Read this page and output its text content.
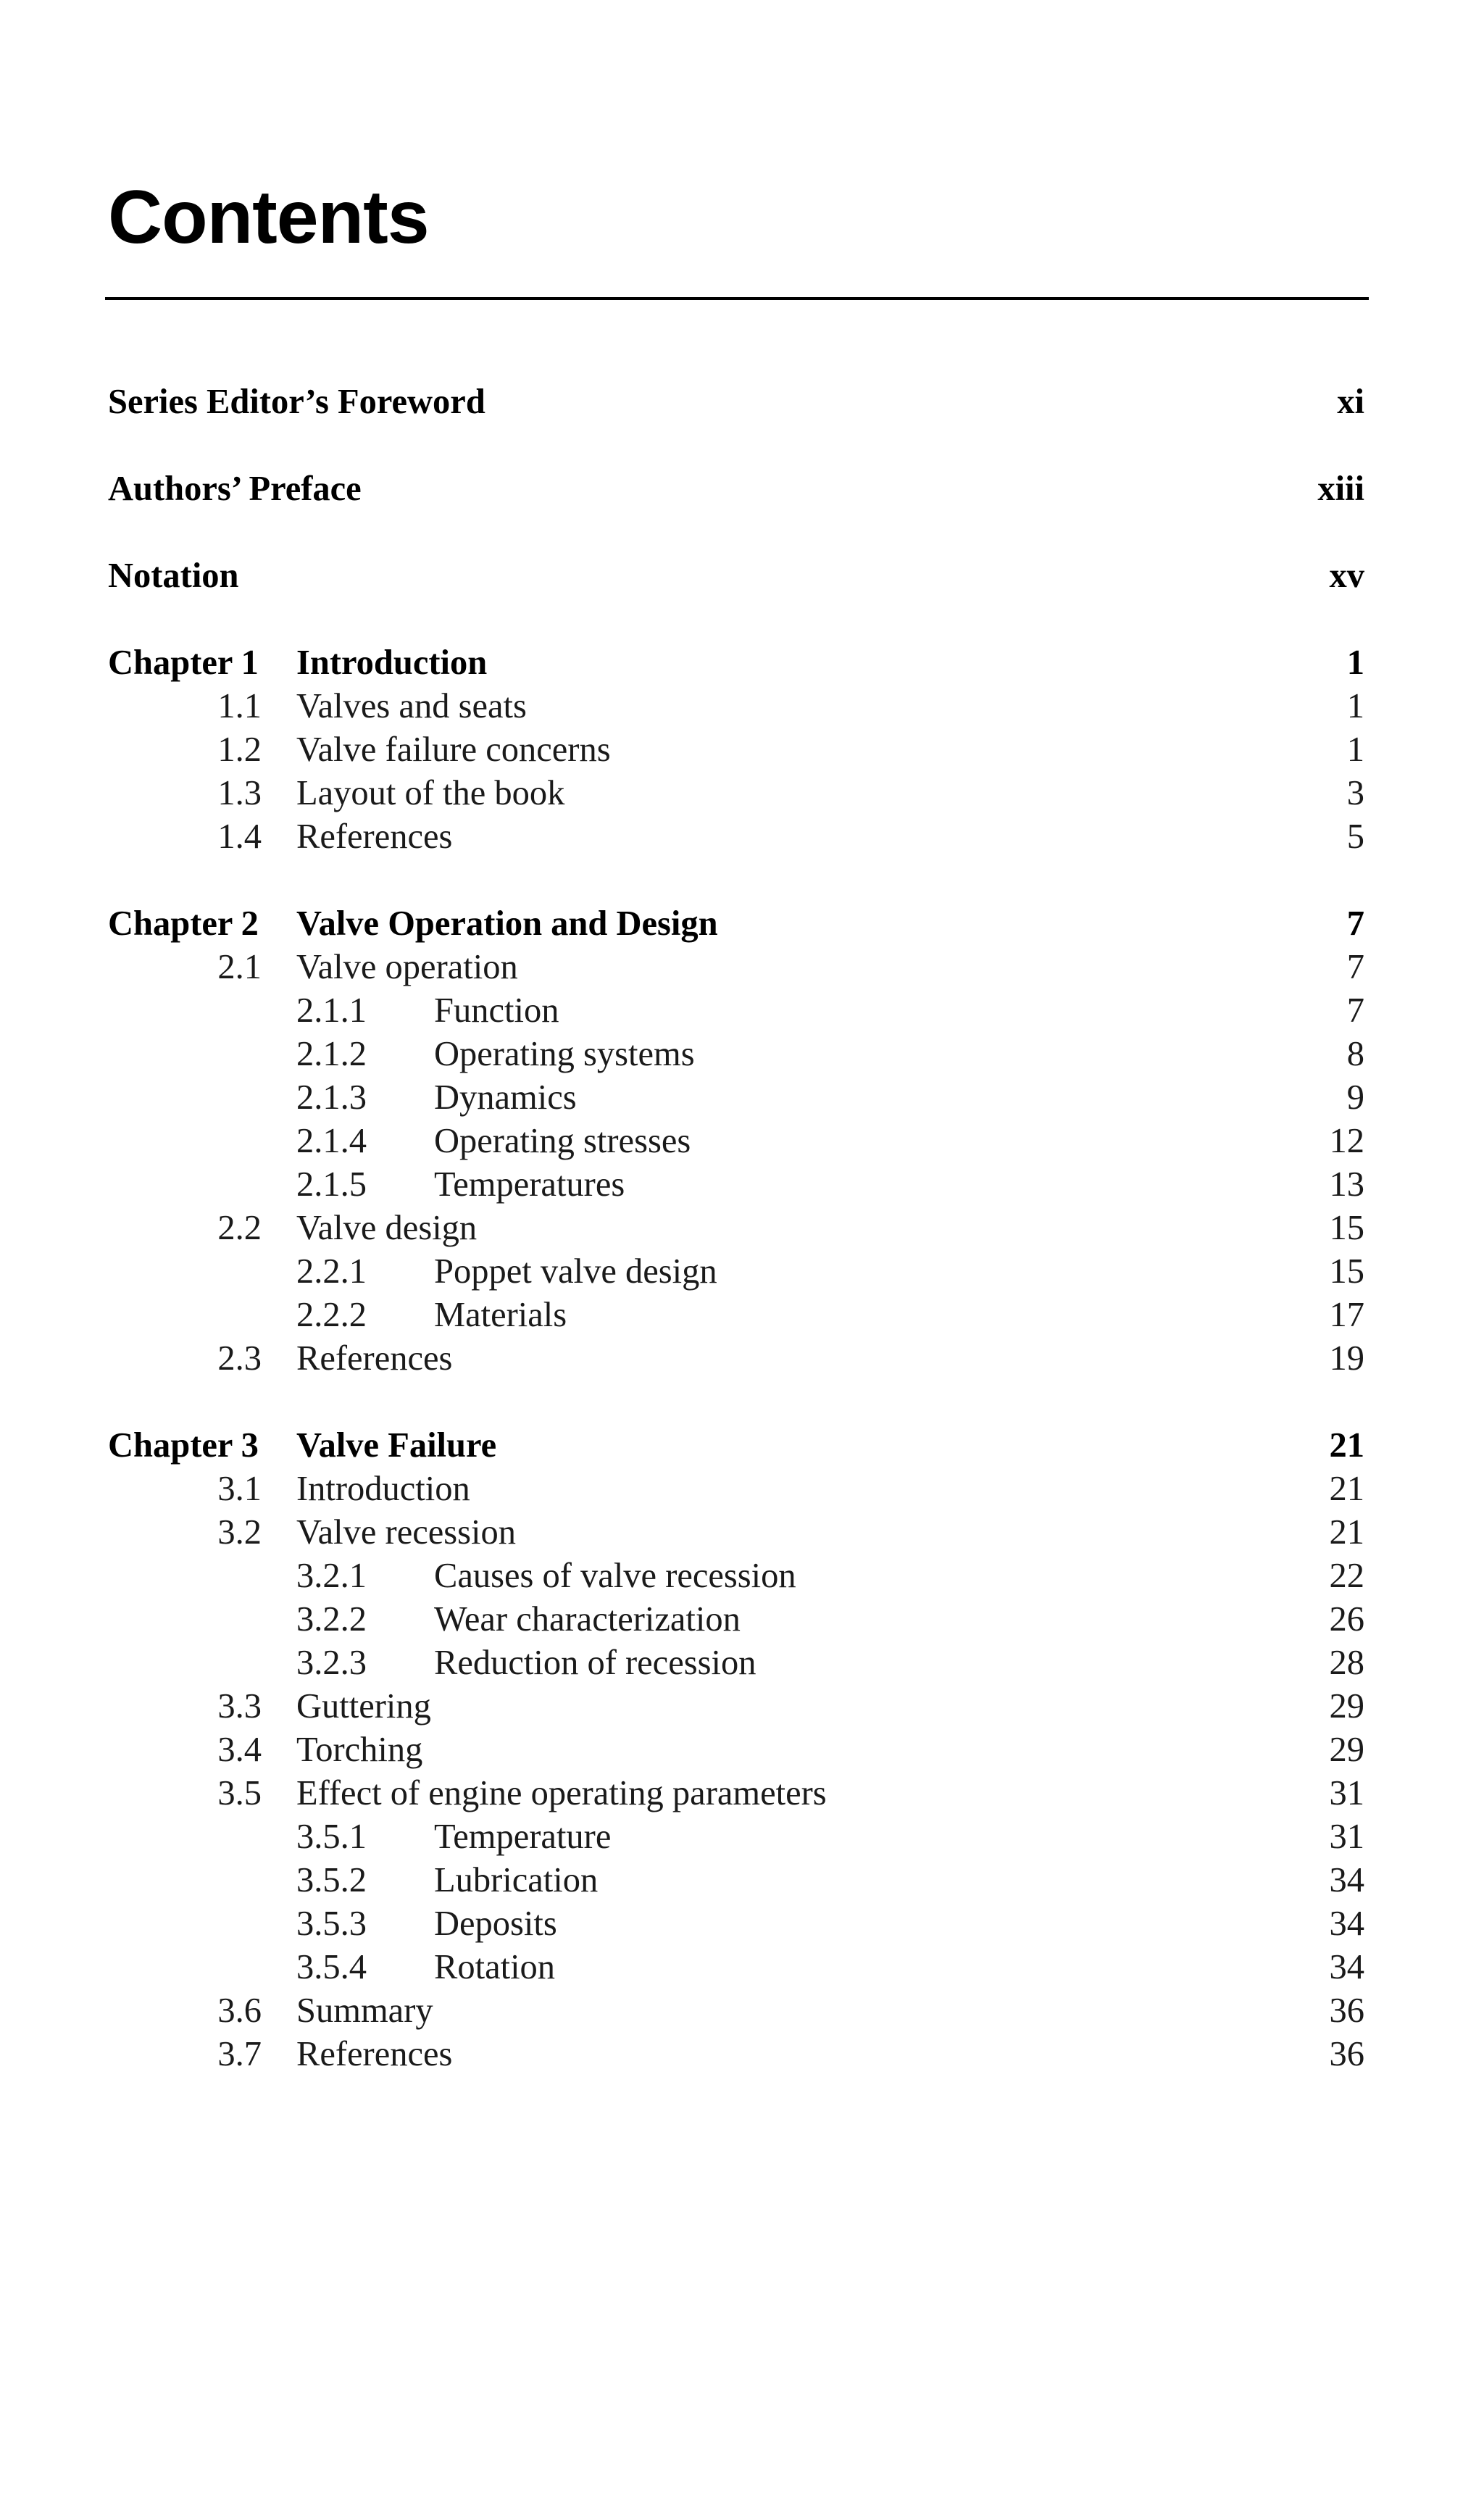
Contents
Series Editor’s Foreword	xi
Authors’ Preface	xiii
Notation	xv
Chapter 1 Introduction	1
1.1 Valves and seats	1
1.2 Valve failure concerns	1
1.3 Layout of the book	3
1.4 References	5
Chapter 2 Valve Operation and Design	7
2.1 Valve operation	7
2.1.1 Function	7
2.1.2 Operating systems	8
2.1.3 Dynamics	9
2.1.4 Operating stresses	12
2.1.5 Temperatures	13
2.2 Valve design	15
2.2.1 Poppet valve design	15
2.2.2 Materials	17
2.3 References	19
Chapter 3 Valve Failure	21
3.1 Introduction	21
3.2 Valve recession	21
3.2.1 Causes of valve recession	22
3.2.2 Wear characterization	26
3.2.3 Reduction of recession	28
3.3 Guttering	29
3.4 Torching	29
3.5 Effect of engine operating parameters	31
3.5.1 Temperature	31
3.5.2 Lubrication	34
3.5.3 Deposits	34
3.5.4 Rotation	34
3.6 Summary	36
3.7 References	36
